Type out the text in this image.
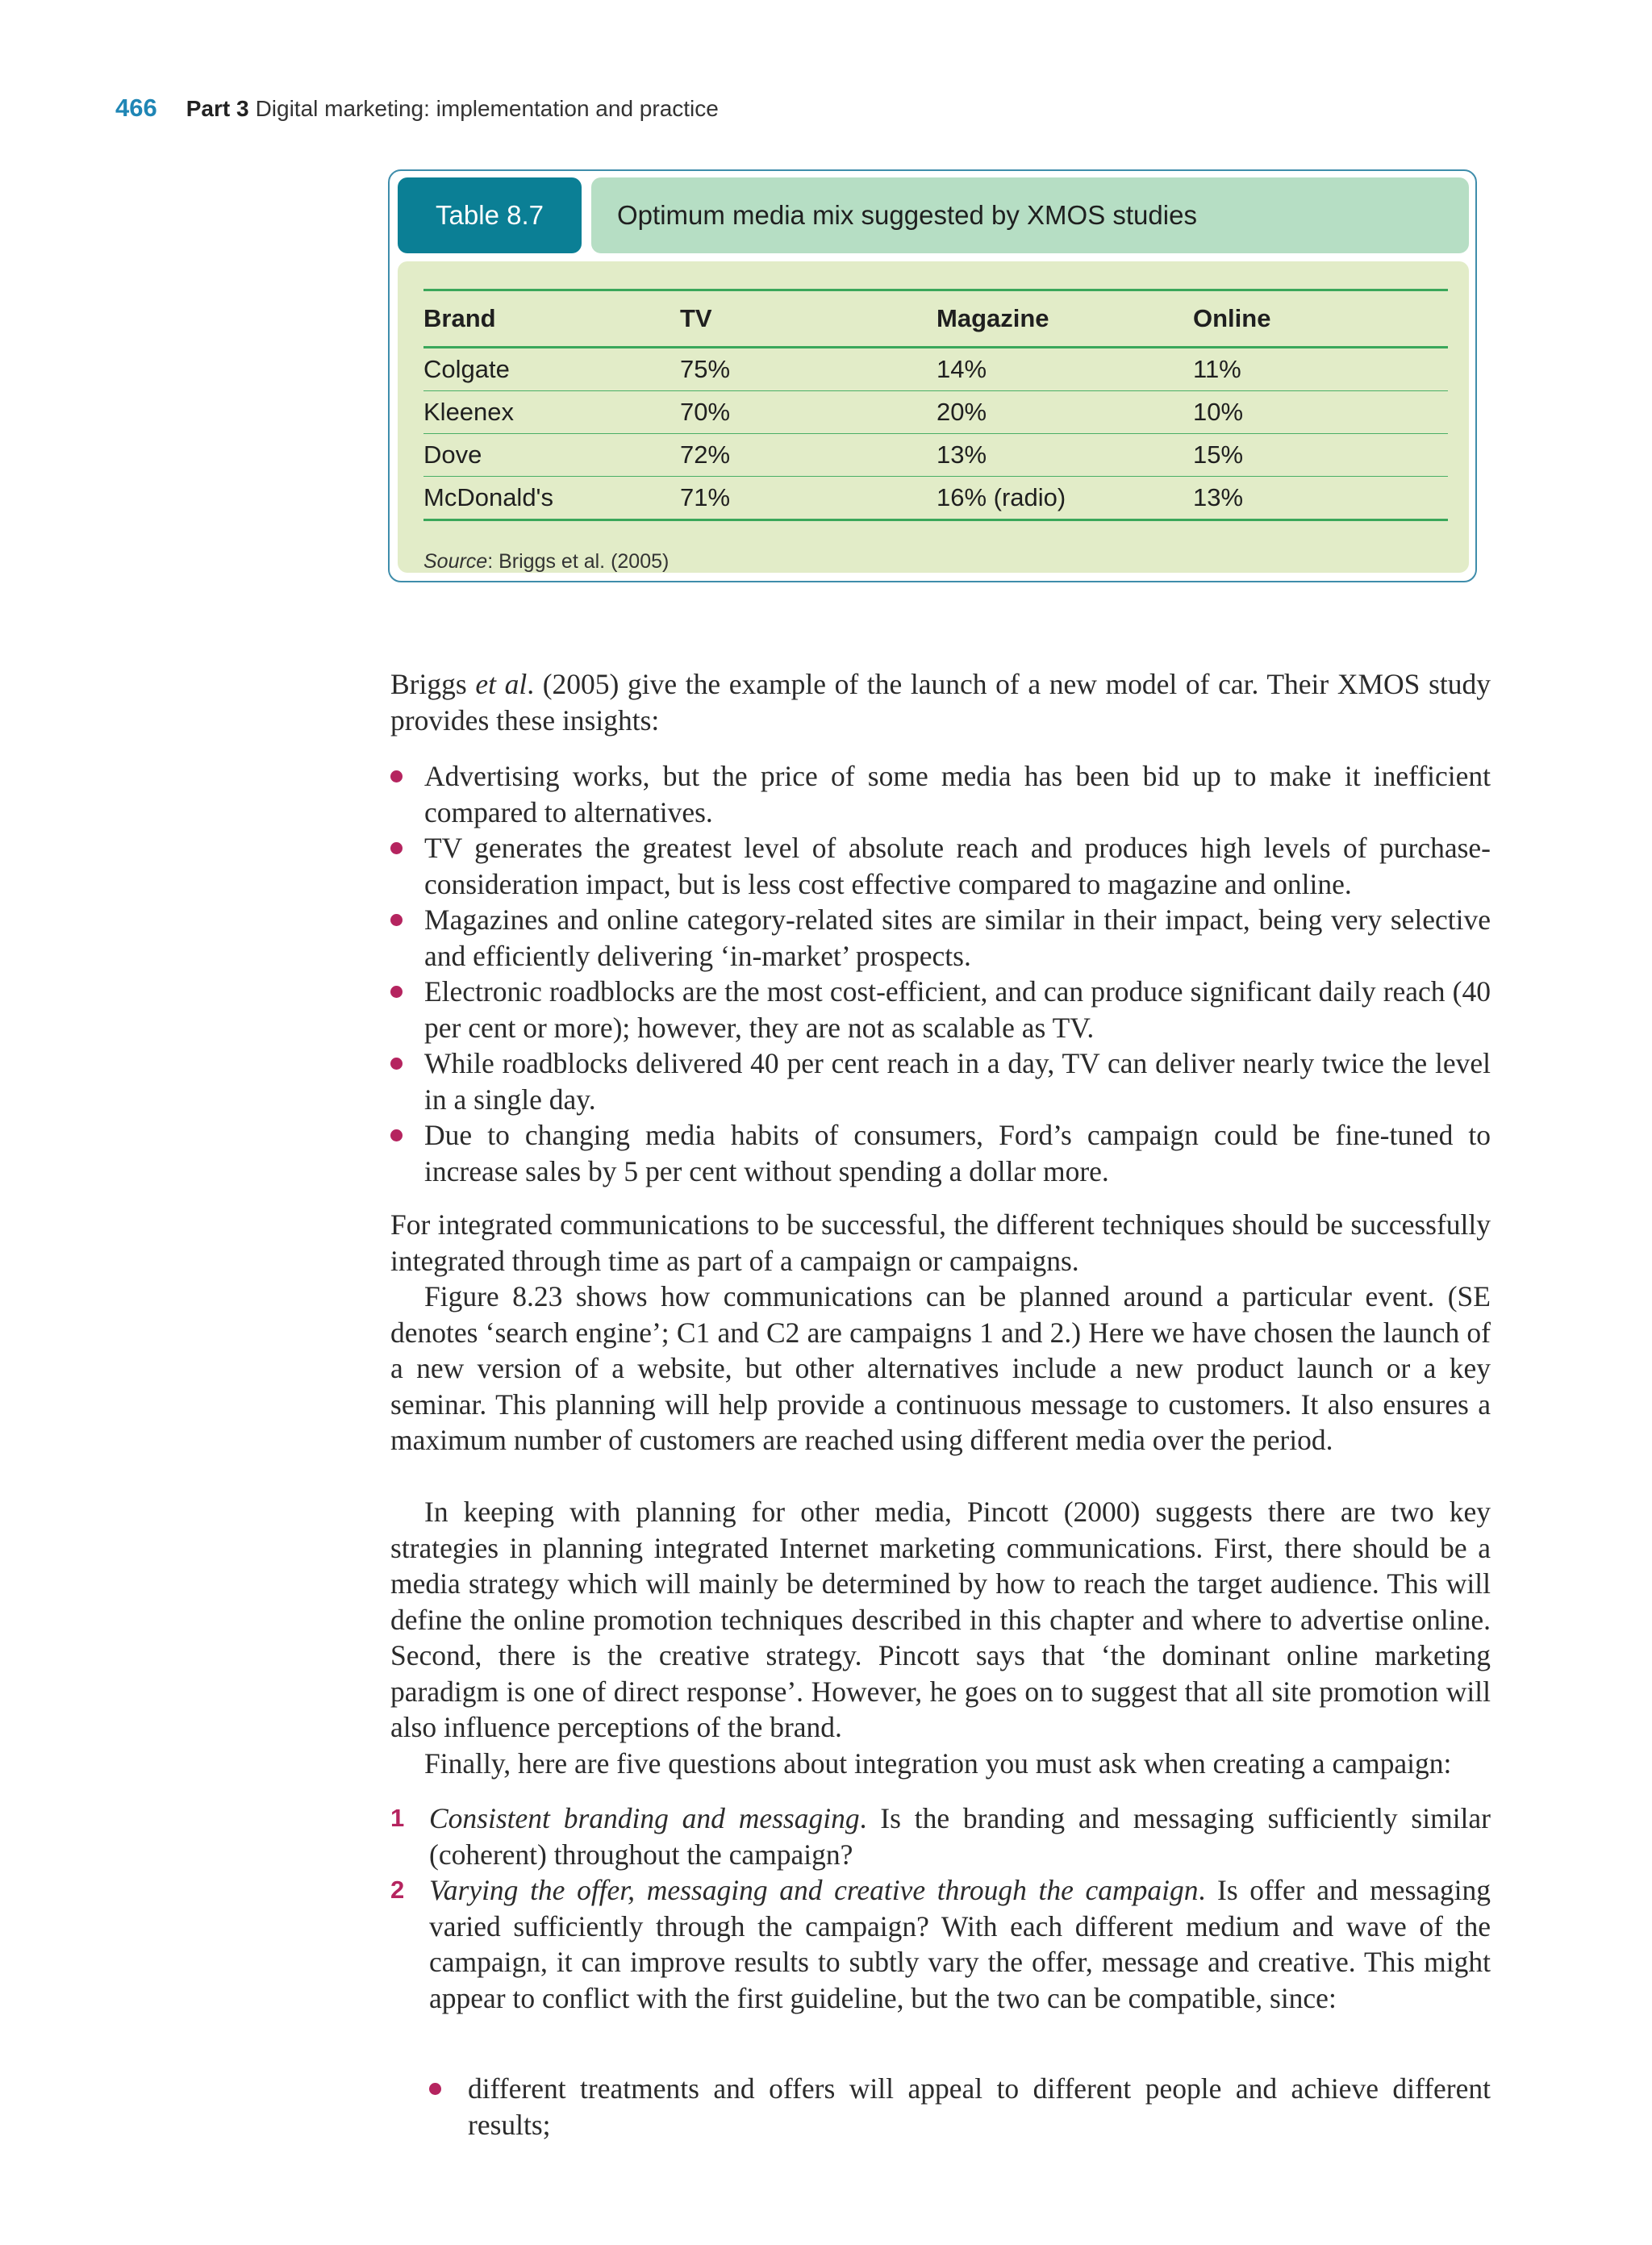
466 Part 3 Digital marketing: implementation and practice
Table 8.7	Optimum media mix suggested by XMOS studies
Brand	TV	Magazine	Online
Colgate	75%	14%	11%
Kleenex	70%	20%	10%
Dove	72%	13%	15%
McDonald's	71%	16% (radio)	13%
Source: Briggs et al. (2005)
Briggs et al. (2005) give the example of the launch of a new model of car. Their XMOS study provides these insights:
Advertising works, but the price of some media has been bid up to make it inefficient compared to alternatives.
TV generates the greatest level of absolute reach and produces high levels of purchase-consideration impact, but is less cost effective compared to magazine and online.
Magazines and online category-related sites are similar in their impact, being very selective and efficiently delivering ‘in-market’ prospects.
Electronic roadblocks are the most cost-efficient, and can produce significant daily reach (40 per cent or more); however, they are not as scalable as TV.
While roadblocks delivered 40 per cent reach in a day, TV can deliver nearly twice the level in a single day.
Due to changing media habits of consumers, Ford’s campaign could be fine-tuned to increase sales by 5 per cent without spending a dollar more.
For integrated communications to be successful, the different techniques should be successfully integrated through time as part of a campaign or campaigns.
Figure 8.23 shows how communications can be planned around a particular event. (SE denotes ‘search engine’; C1 and C2 are campaigns 1 and 2.) Here we have chosen the launch of a new version of a website, but other alternatives include a new product launch or a key seminar. This planning will help provide a continuous message to customers. It also ensures a maximum number of customers are reached using different media over the period.
In keeping with planning for other media, Pincott (2000) suggests there are two key strategies in planning integrated Internet marketing communications. First, there should be a media strategy which will mainly be determined by how to reach the target audience. This will define the online promotion techniques described in this chapter and where to advertise online. Second, there is the creative strategy. Pincott says that ‘the dominant online marketing paradigm is one of direct response’. However, he goes on to suggest that all site promotion will also influence perceptions of the brand.
Finally, here are five questions about integration you must ask when creating a campaign:
1 Consistent branding and messaging. Is the branding and messaging sufficiently similar (coherent) throughout the campaign?
2 Varying the offer, messaging and creative through the campaign. Is offer and messaging varied sufficiently through the campaign? With each different medium and wave of the campaign, it can improve results to subtly vary the offer, message and creative. This might appear to conflict with the first guideline, but the two can be compatible, since:
different treatments and offers will appeal to different people and achieve different results;
